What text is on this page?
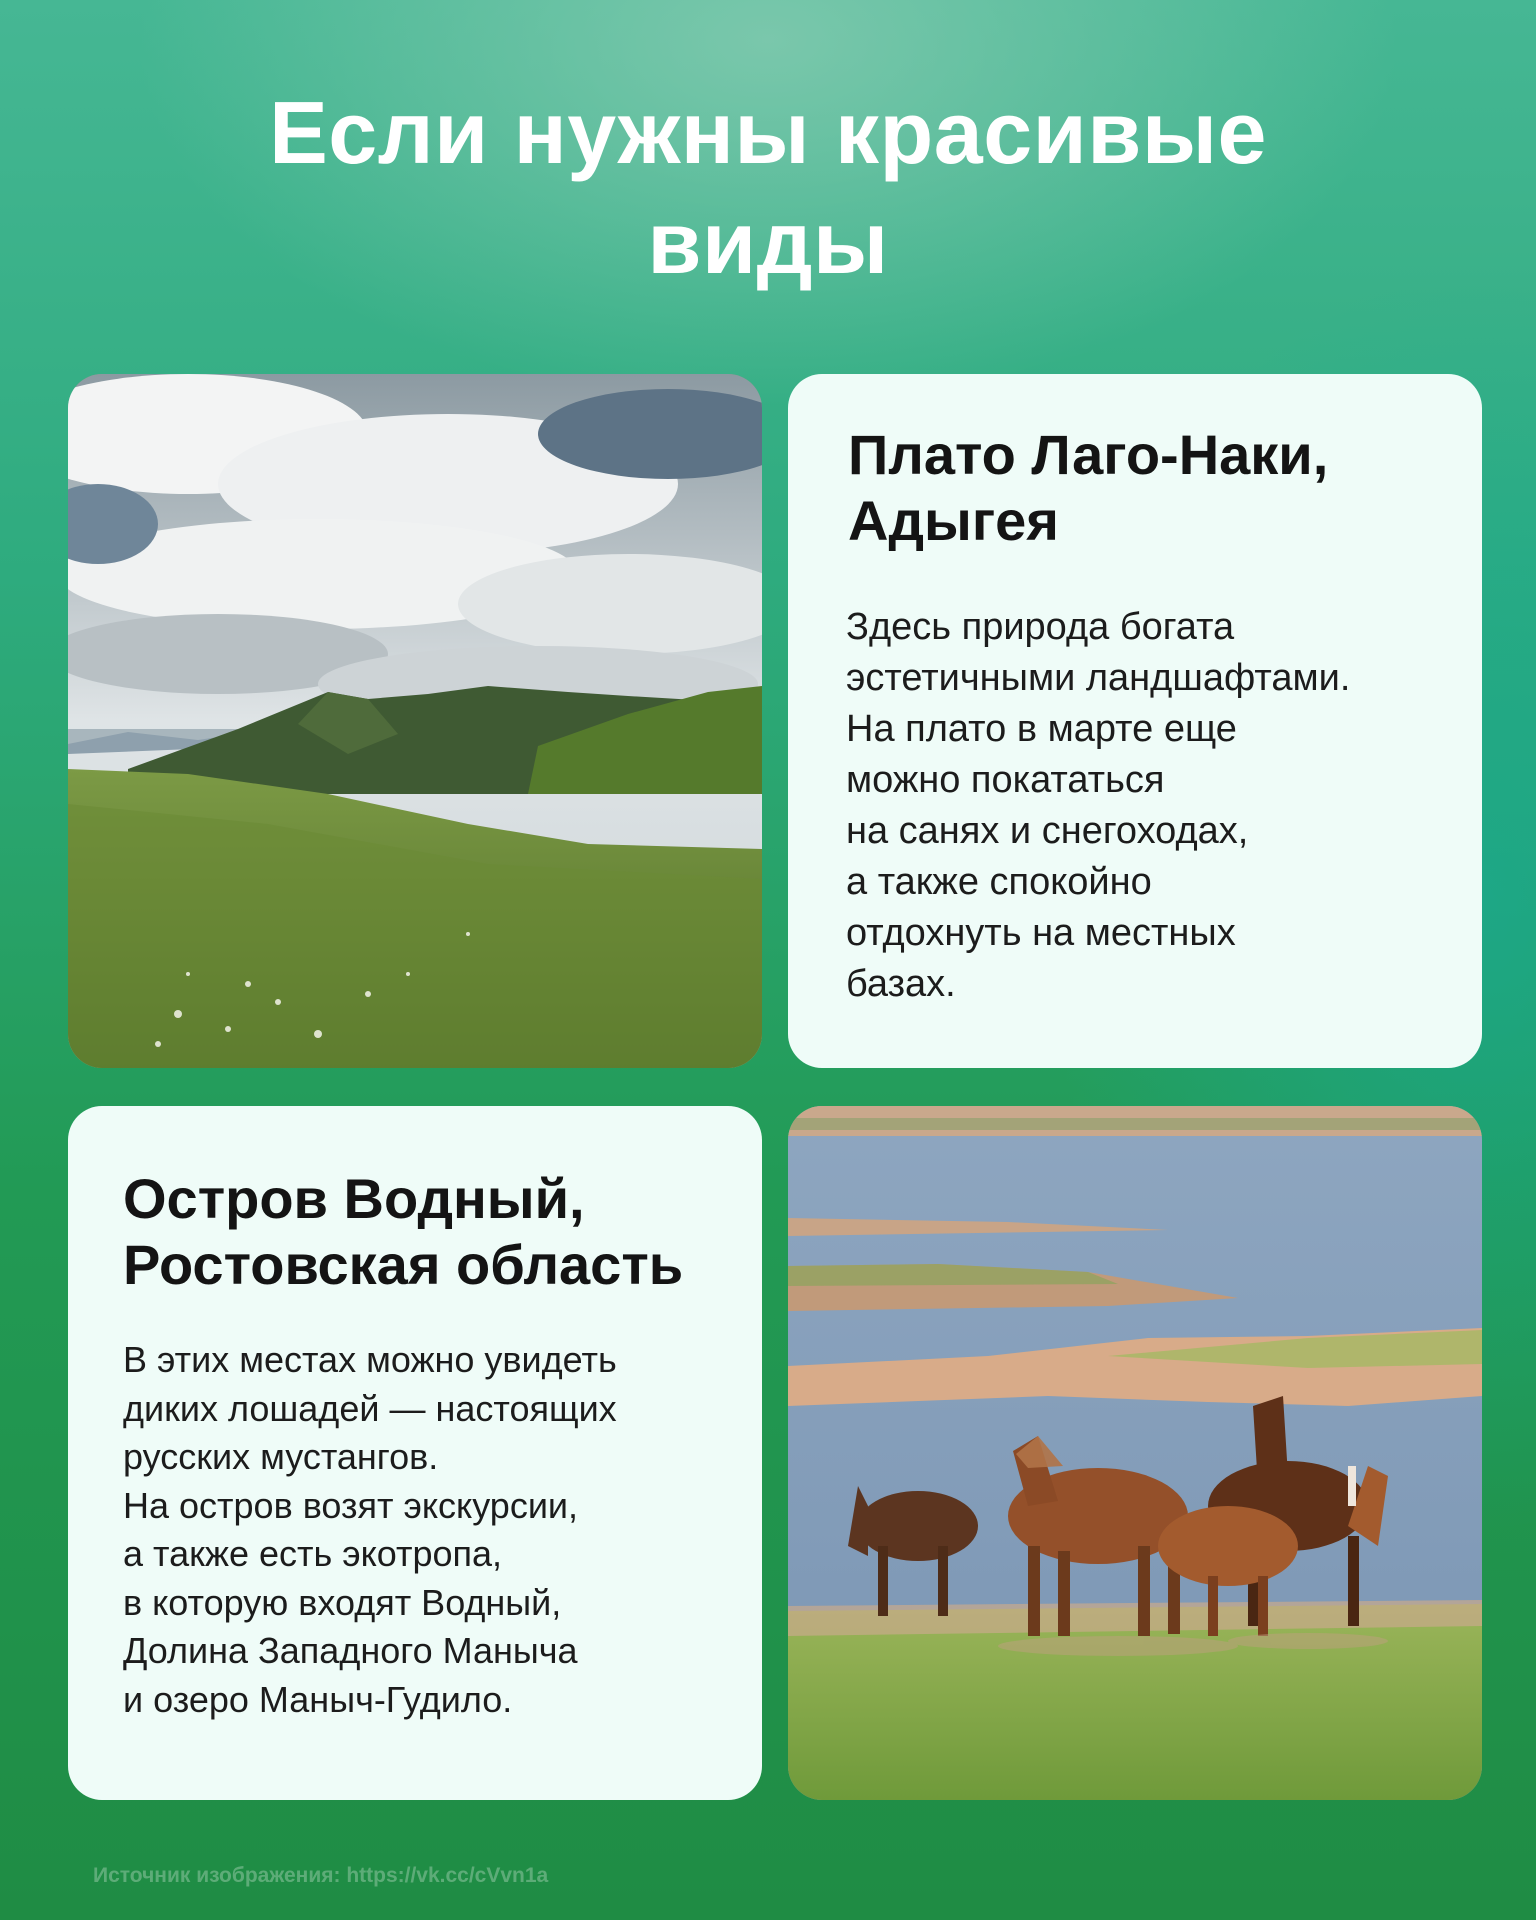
Если нужны красивые
виды
Плато Лаго-Наки,
Адыгея
Здесь природа богата
эстетичными ландшафтами.
На плато в марте еще
можно покататься
на санях и снегоходах,
а также спокойно
отдохнуть на местных
базах.
Остров Водный,
Ростовская область
В этих местах можно увидеть
диких лошадей — настоящих
русских мустангов.
На остров возят экскурсии,
а также есть экотропа,
в которую входят Водный,
Долина Западного Маныча
и озеро Маныч-Гудило.
Источник изображения: https://vk.cc/cVvn1a
